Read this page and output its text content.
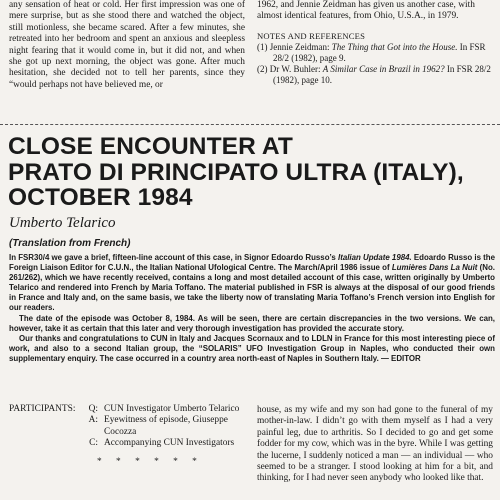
any sensation of heat or cold. Her first impression was one of mere surprise, but as she stood there and watched the object, still motionless, she became scared. After a few minutes, she retreated into her bedroom and spent an anxious and sleepless night fearing that it would come in, but it did not, and when she got up next morning, the object was gone. After much hesitation, she decided not to tell her parents, since they “would perhaps not have believed me, or
1962, and Jennie Zeidman has given us another case, with almost identical features, from Ohio, U.S.A., in 1979.
NOTES AND REFERENCES
(1) Jennie Zeidman: The Thing that Got into the House. In FSR 28/2 (1982), page 9.
(2) Dr W. Buhler: A Similar Case in Brazil in 1962? In FSR 28/2 (1982), page 10.
CLOSE ENCOUNTER AT
PRATO DI PRINCIPATO ULTRA (ITALY),
OCTOBER 1984
Umberto Telarico
(Translation from French)

In FSR30/4 we gave a brief, fifteen-line account of this case, in Signor Edoardo Russo’s Italian Update 1984. Edoardo Russo is the Foreign Liaison Editor for C.U.N., the Italian National Ufological Centre. The March/April 1986 issue of Lumières Dans La Nuit (No. 261/262), which we have recently received, contains a long and most detailed account of this case, written originally by Umberto Telarico and rendered into French by Maria Toffano. The material published in FSR is always at the disposal of our good friends in France and Italy and, on the same basis, we take the liberty now of translating Maria Toffano’s French version into English for our readers.

The date of the episode was October 8, 1984. As will be seen, there are certain discrepancies in the two versions. We can, however, take it as certain that this later and very thorough investigation has provided the accurate story.

Our thanks and congratulations to CUN in Italy and Jacques Scornaux and to LDLN in France for this most interesting piece of work, and also to a second Italian group, the “SOLARIS” UFO Investigation Group in Naples, who conducted their own supplementary enquiry. The case occurred in a country area north-east of Naples in Southern Italy. — EDITOR

PARTICIPANTS:	Q: CUN Investigator Umberto Telarico
A: Eyewitness of episode, Giuseppe Cocozza
C: Accompanying CUN Investigators
* * * * * *
house, as my wife and my son had gone to the funeral of my mother-in-law. I didn’t go with them myself as I had a very painful leg, due to arthritis. So I decided to go and get some fodder for my cow, which was in the byre. While I was getting the lucerne, I suddenly noticed a man — an individual — who seemed to be a stranger. I stood looking at him for a bit, and thinking, for I had never seen anybody who looked like that.
